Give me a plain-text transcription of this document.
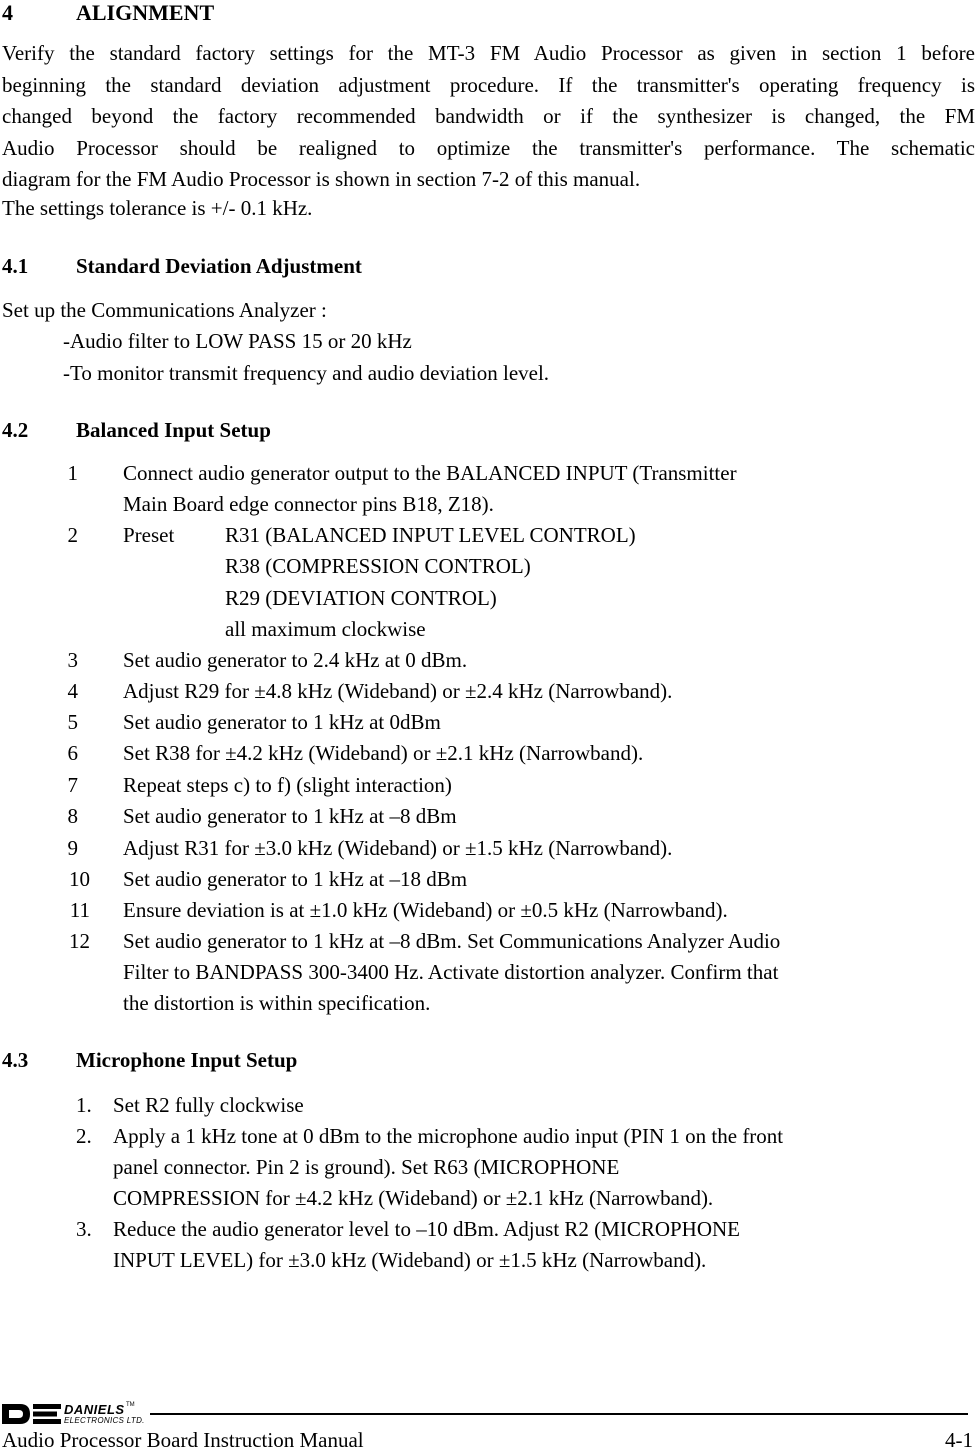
4	ALIGNMENT
Verify the standard factory settings for the MT-3 FM Audio Processor as given in section 1 before
beginning the standard deviation adjustment procedure. If the transmitter's operating frequency is
changed beyond the factory recommended bandwidth or if the synthesizer is changed, the FM
Audio Processor should be realigned to optimize the transmitter's performance. The schematic
diagram for the FM Audio Processor is shown in section 7-2 of this manual.
The settings tolerance is +/- 0.1 kHz.
4.1 Standard Deviation Adjustment
Set up the Communications Analyzer :
-Audio filter to LOW PASS 15 or 20 kHz
-To monitor transmit frequency and audio deviation level.
4.2 Balanced Input Setup
1 Connect audio generator output to the BALANCED INPUT (Transmitter
Main Board edge connector pins B18, Z18).
2 Preset R31 (BALANCED INPUT LEVEL CONTROL)
R38 (COMPRESSION CONTROL)
R29 (DEVIATION CONTROL)
all maximum clockwise
3 Set audio generator to 2.4 kHz at 0 dBm.
4 Adjust R29 for ±4.8 kHz (Wideband) or ±2.4 kHz (Narrowband).
5 Set audio generator to 1 kHz at 0dBm
6 Set R38 for ±4.2 kHz (Wideband) or ±2.1 kHz (Narrowband).
7 Repeat steps c) to f) (slight interaction)
8 Set audio generator to 1 kHz at –8 dBm
9 Adjust R31 for ±3.0 kHz (Wideband) or ±1.5 kHz (Narrowband).
10 Set audio generator to 1 kHz at –18 dBm
11 Ensure deviation is at ±1.0 kHz (Wideband) or ±0.5 kHz (Narrowband).
12 Set audio generator to 1 kHz at –8 dBm. Set Communications Analyzer Audio
Filter to BANDPASS 300-3400 Hz. Activate distortion analyzer. Confirm that
the distortion is within specification.
4.3 Microphone Input Setup
1. Set R2 fully clockwise
2. Apply a 1 kHz tone at 0 dBm to the microphone audio input (PIN 1 on the front
panel connector. Pin 2 is ground). Set R63 (MICROPHONE
COMPRESSION for ±4.2 kHz (Wideband) or ±2.1 kHz (Narrowband).
3. Reduce the audio generator level to –10 dBm. Adjust R2 (MICROPHONE
INPUT LEVEL) for ±3.0 kHz (Wideband) or ±1.5 kHz (Narrowband).
DANIELS TM
ELECTRONICS LTD.
Audio Processor Board Instruction Manual	4-1
